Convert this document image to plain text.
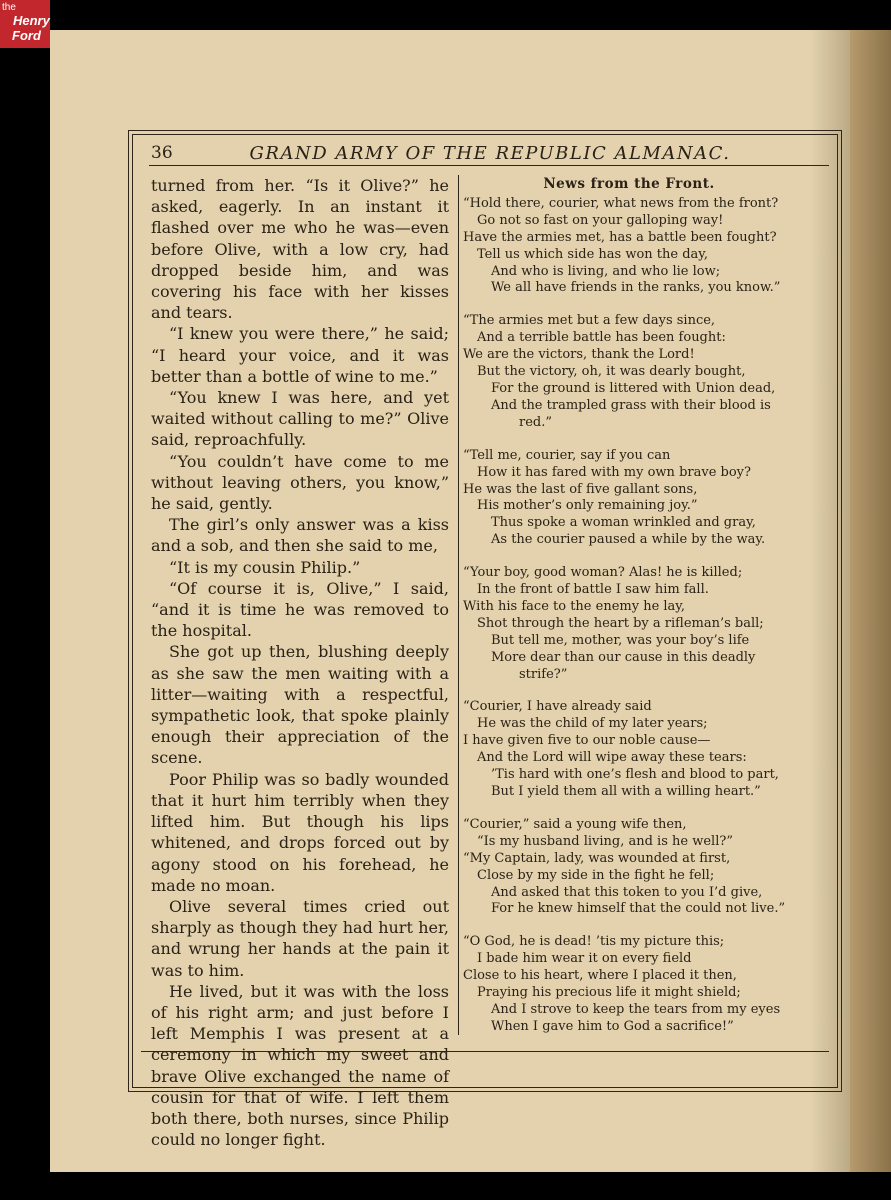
the
Henry
Ford
36	GRAND ARMY OF THE REPUBLIC ALMANAC.

turned from her. “Is it Olive?” he asked, eagerly. In an instant it flashed over me who he was—even before Olive, with a low cry, had dropped beside him, and was covering his face with her kisses and tears.

“I knew you were there,” he said; “I heard your voice, and it was better than a bottle of wine to me.”

“You knew I was here, and yet waited without calling to me?” Olive said, reproachfully.

“You couldn’t have come to me without leaving others, you know,” he said, gently.

The girl’s only answer was a kiss and a sob, and then she said to me,

“It is my cousin Philip.”

“Of course it is, Olive,” I said, “and it is time he was removed to the hospital.

She got up then, blushing deeply as she saw the men waiting with a litter—waiting with a respectful, sympathetic look, that spoke plainly enough their appreciation of the scene.

Poor Philip was so badly wounded that it hurt him terribly when they lifted him. But though his lips whitened, and drops forced out by agony stood on his forehead, he made no moan.

Olive several times cried out sharply as though they had hurt her, and wrung her hands at the pain it was to him.

He lived, but it was with the loss of his right arm; and just before I left Memphis I was present at a ceremony in which my sweet and brave Olive exchanged the name of cousin for that of wife. I left them both there, both nurses, since Philip could no longer fight.

News from the Front.
“Hold there, courier, what news from the front?
Go not so fast on your galloping way!
Have the armies met, has a battle been fought?
Tell us which side has won the day,
And who is living, and who lie low;
We all have friends in the ranks, you know.”
“The armies met but a few days since,
And a terrible battle has been fought:
We are the victors, thank the Lord!
But the victory, oh, it was dearly bought,
For the ground is littered with Union dead,
And the trampled grass with their blood is
red.”
“Tell me, courier, say if you can
How it has fared with my own brave boy?
He was the last of five gallant sons,
His mother’s only remaining joy.”
Thus spoke a woman wrinkled and gray,
As the courier paused a while by the way.
“Your boy, good woman? Alas! he is killed;
In the front of battle I saw him fall.
With his face to the enemy he lay,
Shot through the heart by a rifleman’s ball;
But tell me, mother, was your boy’s life
More dear than our cause in this deadly
strife?”
“Courier, I have already said
He was the child of my later years;
I have given five to our noble cause—
And the Lord will wipe away these tears:
’Tis hard with one’s flesh and blood to part,
But I yield them all with a willing heart.”
“Courier,” said a young wife then,
“Is my husband living, and is he well?”
“My Captain, lady, was wounded at first,
Close by my side in the fight he fell;
And asked that this token to you I’d give,
For he knew himself that the could not live.”
“O God, he is dead! ’tis my picture this;
I bade him wear it on every field
Close to his heart, where I placed it then,
Praying his precious life it might shield;
And I strove to keep the tears from my eyes
When I gave him to God a sacrifice!”
